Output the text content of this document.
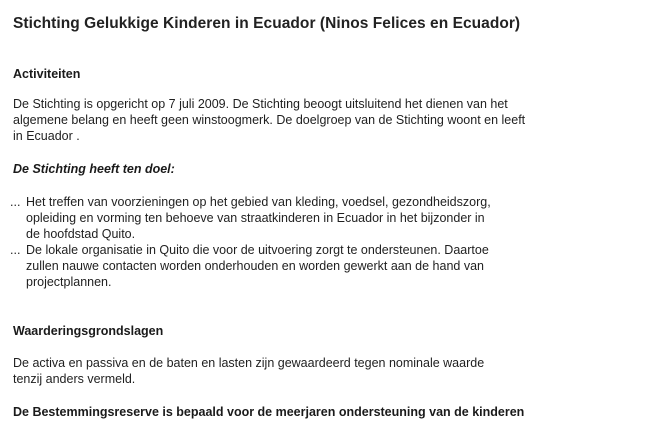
Stichting Gelukkige Kinderen in Ecuador (Ninos Felices en Ecuador)
Activiteiten
De Stichting is opgericht op 7 juli 2009. De Stichting beoogt uitsluitend het dienen van het
algemene belang en heeft geen winstoogmerk. De doelgroep van de Stichting woont en leeft
in Ecuador .
De Stichting heeft ten doel:
... Het treffen van voorzieningen op het gebied van kleding, voedsel, gezondheidszorg,
opleiding en vorming ten behoeve van straatkinderen in Ecuador in het bijzonder in
de hoofdstad Quito.
... De lokale organisatie in Quito die voor de uitvoering zorgt te ondersteunen. Daartoe
zullen nauwe contacten worden onderhouden en worden gewerkt aan de hand van
projectplannen.
Waarderingsgrondslagen
De activa en passiva en de baten en lasten zijn gewaardeerd tegen nominale waarde
tenzij anders vermeld.
De Bestemmingsreserve is bepaald voor de meerjaren ondersteuning van de kinderen
